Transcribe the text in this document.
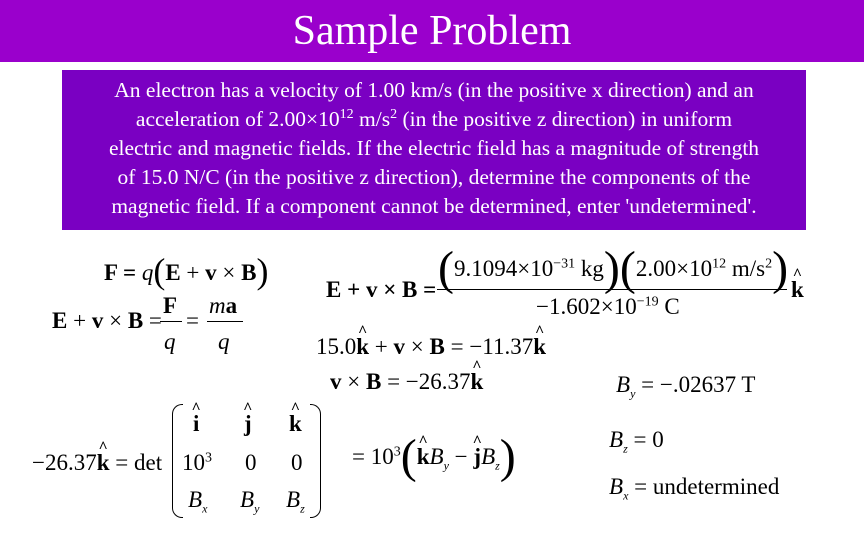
Sample Problem
An electron has a velocity of 1.00 km/s (in the positive x direction) and an
acceleration of $2.00\times 10^{12}$ $m/s^2$ (in the positive z direction) in uniform
electric and magnetic fields. If the electric field has a magnitude of strength
of 15.0 N/C (in the positive z direction), determine the components of the
magnetic field. If a component cannot be determined, enter 'undetermined'.
F = q(E + v × B)
E + v × B =
F
q
=
ma
q
$E + v \times B = (9.1094\times 10^{-31}$ $kg)(2.00\times 10^{12}$ $m/s^2$)
$-1.602\times 10^{-19}$ C
^ k
15.0^ k + v × B = −11.37^ k
v × B = −26.37^ k	$B_y = -.02637$ T
$B_z = 0$
$B_x$ = undetermined
−26.37^ k = det
^ i ^ j ^ k
$10^3$ 0 0
$B_x$ $B_y$ $B_z$
= $10^3(\^{}$ $kB_y$ − ^ $jB_z$)
